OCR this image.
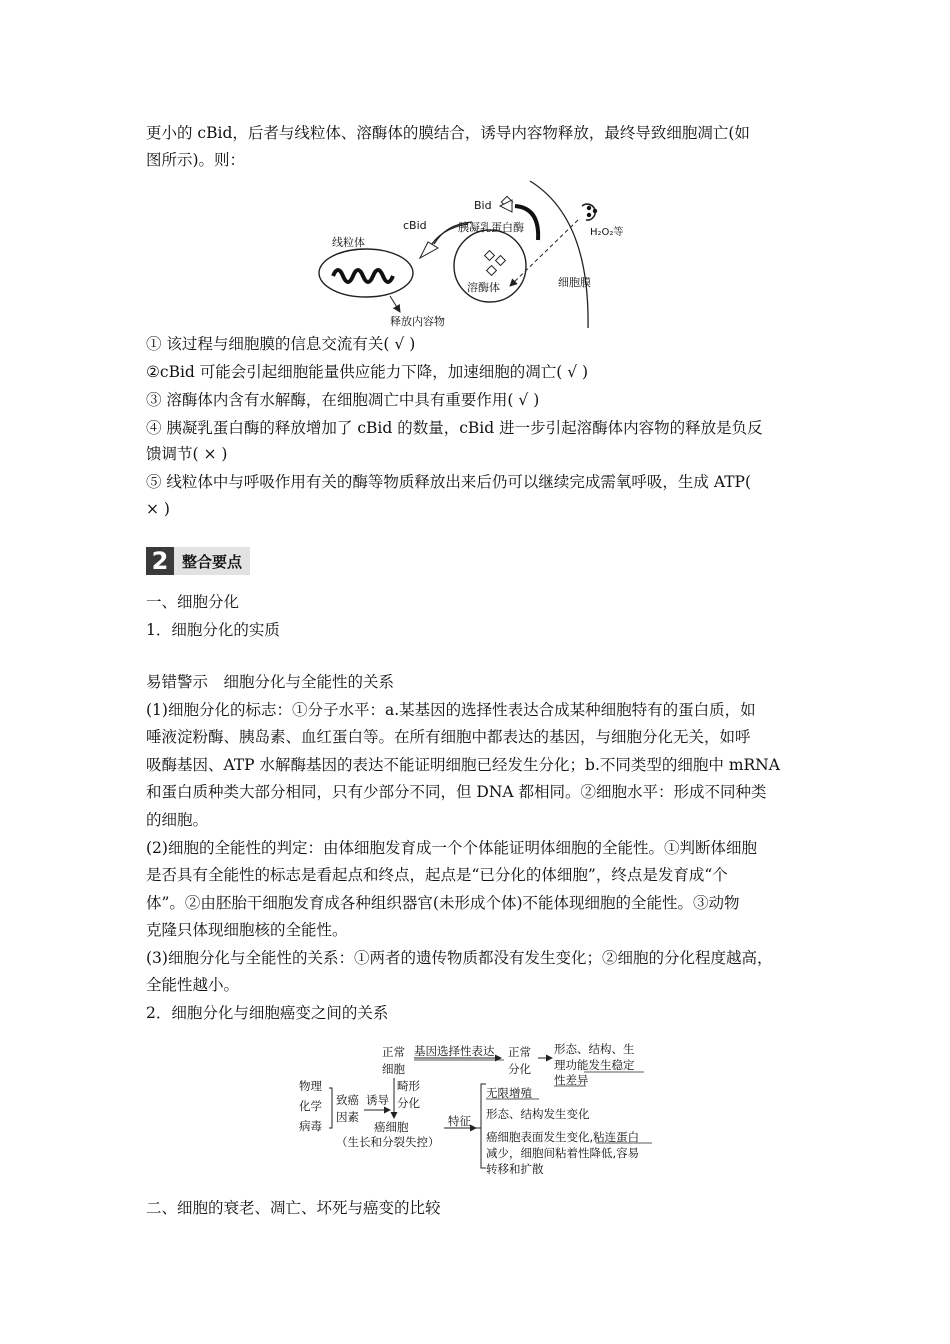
更小的 cBid，后者与线粒体、溶酶体的膜结合，诱导内容物释放，最终导致细胞凋亡(如
图所示)。则：
Bid
cBid
线粒体
胰凝乳蛋白酶
溶酶体
H₂O₂等
细胞膜
释放内容物
① 该过程与细胞膜的信息交流有关( √ )
②cBid 可能会引起细胞能量供应能力下降，加速细胞的凋亡( √ )
③ 溶酶体内含有水解酶，在细胞凋亡中具有重要作用( √ )
④ 胰凝乳蛋白酶的释放增加了 cBid 的数量，cBid 进一步引起溶酶体内容物的释放是负反
馈调节( × )
⑤ 线粒体中与呼吸作用有关的酶等物质释放出来后仍可以继续完成需氧呼吸，生成 ATP(
× )
2 整合要点
一、细胞分化
1．细胞分化的实质
易错警示　细胞分化与全能性的关系
(1)细胞分化的标志：①分子水平：a.某基因的选择性表达合成某种细胞特有的蛋白质，如
唾液淀粉酶、胰岛素、血红蛋白等。在所有细胞中都表达的基因，与细胞分化无关，如呼
吸酶基因、ATP 水解酶基因的表达不能证明细胞已经发生分化；b.不同类型的细胞中 mRNA
和蛋白质种类大部分相同，只有少部分不同，但 DNA 都相同。②细胞水平：形成不同种类
的细胞。
(2)细胞的全能性的判定：由体细胞发育成一个个体能证明体细胞的全能性。①判断体细胞
是否具有全能性的标志是看起点和终点，起点是“已分化的体细胞”，终点是发育成“个
体”。②由胚胎干细胞发育成各种组织器官(未形成个体)不能体现细胞的全能性。③动物
克隆只体现细胞核的全能性。
(3)细胞分化与全能性的关系：①两者的遗传物质都没有发生变化；②细胞的分化程度越高，
全能性越小。
2．细胞分化与细胞癌变之间的关系
物理
化学
病毒
致癌
因素
诱导
正常
细胞
基因选择性表达 正常
分化
形态、结构、生
理功能发生稳定
性差异
畸形
分化
癌细胞
（生长和分裂失控）
特征
无限增殖
形态、结构发生变化
癌细胞表面发生变化,粘连蛋白
减少，细胞间粘着性降低,容易
转移和扩散
二、细胞的衰老、凋亡、坏死与癌变的比较
